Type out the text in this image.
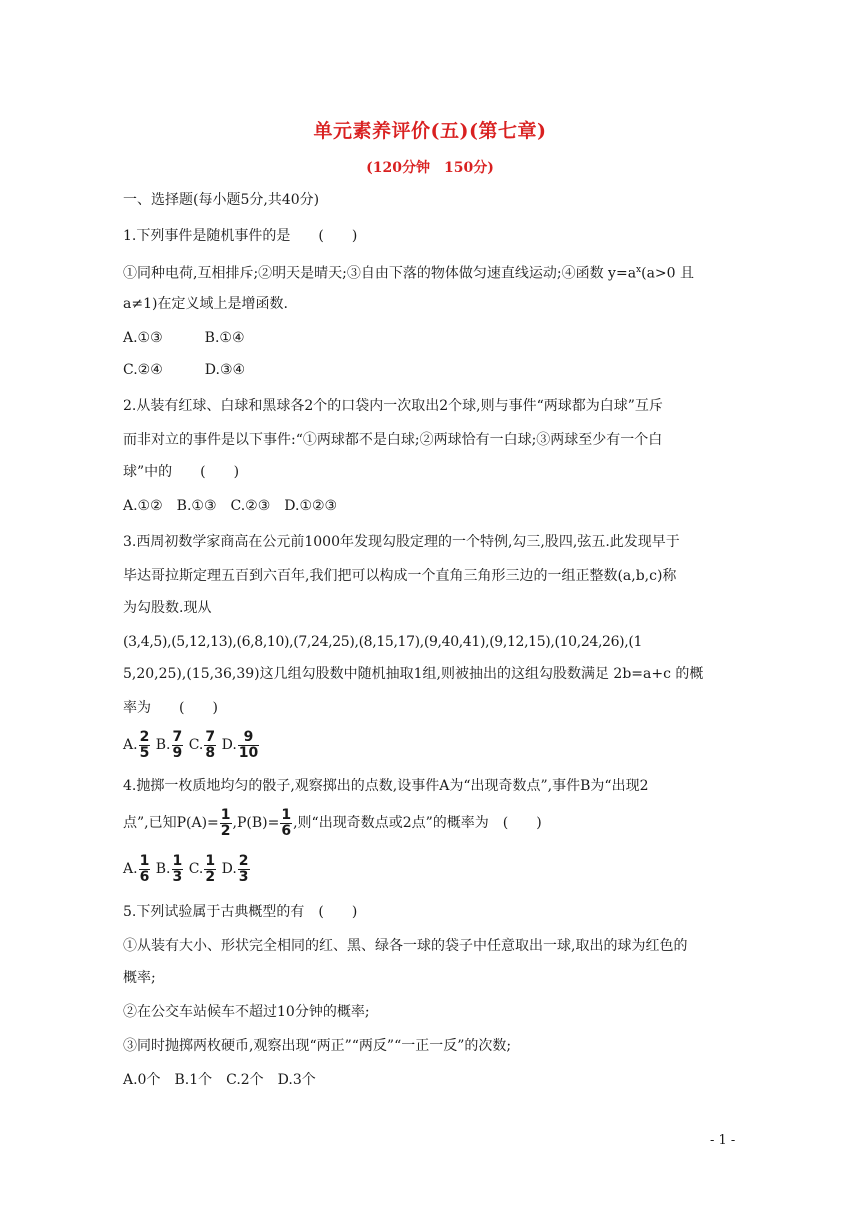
单元素养评价(五)(第七章)
(120分钟　150分)
一、选择题(每小题5分,共40分)
1.下列事件是随机事件的是　　(　　)
①同种电荷,互相排斥;②明天是晴天;③自由下落的物体做匀速直线运动;④函数 $y=a^x(a>0$ 且
a≠1)在定义域上是增函数.
A.①③　　　B.①④
C.②④　　　D.③④
2.从装有红球、白球和黑球各2个的口袋内一次取出2个球,则与事件“两球都为白球”互斥
而非对立的事件是以下事件:“①两球都不是白球;②两球恰有一白球;③两球至少有一个白
球”中的　　(　　)
A.①②　B.①③　C.②③　D.①②③
3.西周初数学家商高在公元前1000年发现勾股定理的一个特例,勾三,股四,弦五.此发现早于
毕达哥拉斯定理五百到六百年,我们把可以构成一个直角三角形三边的一组正整数(a,b,c)称
为勾股数.现从
(3,4,5),(5,12,13),(6,8,10),(7,24,25),(8,15,17),(9,40,41),(9,12,15),(10,24,26),(1
5,20,25),(15,36,39)这几组勾股数中随机抽取1组,则被抽出的这组勾股数满足 2b=a+c 的概
率为　　(　　)
A. $\frac{2}{5} B$. $\frac{7}{9} C$. $\frac{7}{8} D$. $\frac{9}{10}$
4.抛掷一枚质地均匀的骰子,观察掷出的点数,设事件A为“出现奇数点”,事件B为“出现2
点”,已知$P(A)= \frac{1}{2} ,P(B)= \frac{1}{6}$ ,则“出现奇数点或2点”的概率为　(　　)
A. $\frac{1}{6} B$. $\frac{1}{3} C$. $\frac{1}{2} D$. $\frac{2}{3}$
5.下列试验属于古典概型的有　(　　)
①从装有大小、形状完全相同的红、黑、绿各一球的袋子中任意取出一球,取出的球为红色的
概率;
②在公交车站候车不超过10分钟的概率;
③同时抛掷两枚硬币,观察出现“两正”“两反”“一正一反”的次数;
A.0个　B.1个　C.2个　D.3个
- 1 -
